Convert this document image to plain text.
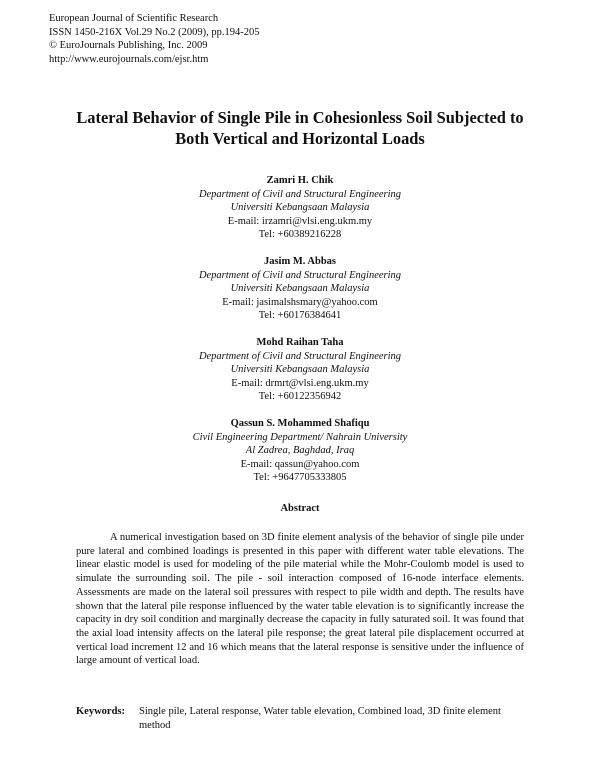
European Journal of Scientific Research
ISSN 1450-216X Vol.29 No.2 (2009), pp.194-205
© EuroJournals Publishing, Inc. 2009
http://www.eurojournals.com/ejsr.htm
Lateral Behavior of Single Pile in Cohesionless Soil Subjected to
Both Vertical and Horizontal Loads
Zamri H. Chik
Department of Civil and Structural Engineering
Universiti Kebangsaan Malaysia
E-mail: irzamri@vlsi.eng.ukm.my
Tel: +60389216228
Jasim M. Abbas
Department of Civil and Structural Engineering
Universiti Kebangsaan Malaysia
E-mail: jasimalshsmary@yahoo.com
Tel: +60176384641
Mohd Raihan Taha
Department of Civil and Structural Engineering
Universiti Kebangsaan Malaysia
E-mail: drmrt@vlsi.eng.ukm.my
Tel: +60122356942
Qassun S. Mohammed Shafiqu
Civil Engineering Department/ Nahrain University
Al Zadrea, Baghdad, Iraq
E-mail: qassun@yahoo.com
Tel: +9647705333805
Abstract
A numerical investigation based on 3D finite element analysis of the behavior of single pile under pure lateral and combined loadings is presented in this paper with different water table elevations. The linear elastic model is used for modeling of the pile material while the Mohr-Coulomb model is used to simulate the surrounding soil. The pile - soil interaction composed of 16-node interface elements. Assessments are made on the lateral soil pressures with respect to pile width and depth. The results have shown that the lateral pile response influenced by the water table elevation is to significantly increase the capacity in dry soil condition and marginally decrease the capacity in fully saturated soil. It was found that the axial load intensity affects on the lateral pile response; the great lateral pile displacement occurred at vertical load increment 12 and 16 which means that the lateral response is sensitive under the influence of large amount of vertical load.
Keywords: Single pile, Lateral response, Water table elevation, Combined load, 3D finite element method
